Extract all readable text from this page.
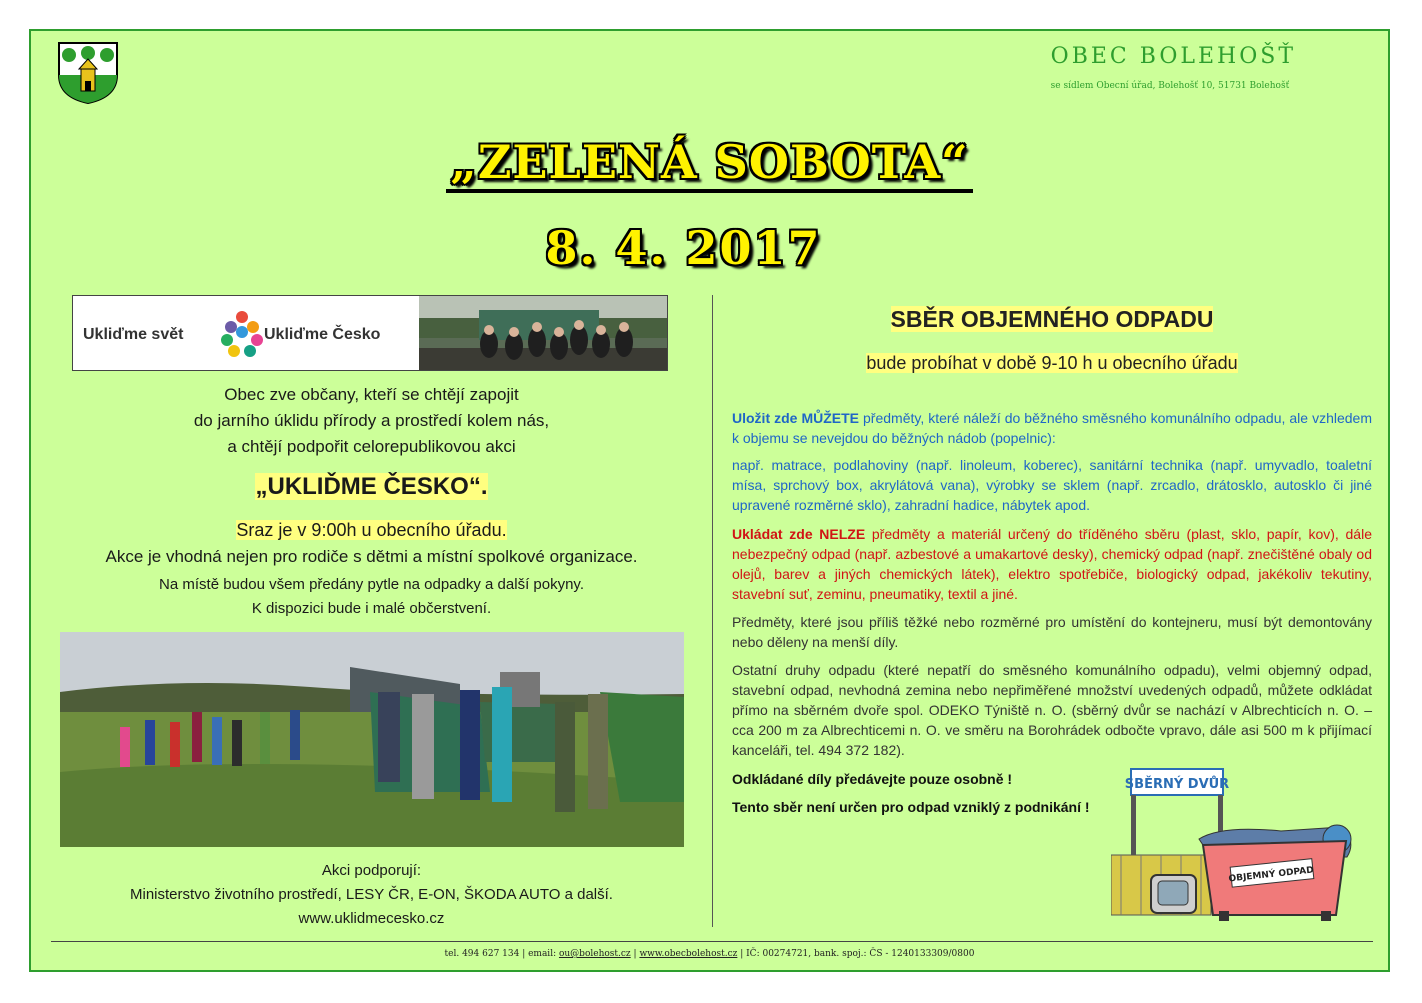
OBEC BOLEHOŠŤ
se sídlem Obecní úřad, Bolehošť 10, 51731 Bolehošť
„ZELENÁ SOBOTA“
8. 4. 2017
Ukliďme svět	Ukliďme Česko
Obec zve občany, kteří se chtějí zapojit
do jarního úklidu přírody a prostředí kolem nás,
a chtějí podpořit celorepublikovou akci
„UKLIĎME ČESKO“.
Sraz je v 9:00h u obecního úřadu.
Akce je vhodná nejen pro rodiče s dětmi a místní spolkové organizace.
Na místě budou všem předány pytle na odpadky a další pokyny.
K dispozici bude i malé občerstvení.
Akci podporují:
Ministerstvo životního prostředí, LESY ČR, E-ON, ŠKODA AUTO a další.
www.uklidmecesko.cz
SBĚR OBJEMNÉHO ODPADU
bude probíhat v době 9-10 h u obecního úřadu
Uložit zde MŮŽETE předměty, které náleží do běžného směsného komunálního odpadu, ale vzhledem k objemu se nevejdou do běžných nádob (popelnic):
např. matrace, podlahoviny (např. linoleum, koberec), sanitární technika (např. umyvadlo, toaletní mísa, sprchový box, akrylátová vana), výrobky se sklem (např. zrcadlo, drátosklo, autosklo či jiné upravené rozměrné sklo), zahradní hadice, nábytek apod.
Ukládat zde NELZE předměty a materiál určený do tříděného sběru (plast, sklo, papír, kov), dále nebezpečný odpad (např. azbestové a umakartové desky), chemický odpad (např. znečištěné obaly od olejů, barev a jiných chemických látek), elektro spotřebiče, biologický odpad, jakékoliv tekutiny, stavební suť, zeminu, pneumatiky, textil a jiné.
Předměty, které jsou příliš těžké nebo rozměrné pro umístění do kontejneru, musí být demontovány nebo děleny na menší díly.
Ostatní druhy odpadu (které nepatří do směsného komunálního odpadu), velmi objemný odpad, stavební odpad, nevhodná zemina nebo nepřiměřené množství uvedených odpadů, můžete odkládat přímo na sběrném dvoře spol. ODEKO Týniště n. O. (sběrný dvůr se nachází v Albrechticích n. O. – cca 200 m za Albrechticemi n. O. ve směru na Borohrádek odbočte vpravo, dále asi 500 m k přijímací kanceláři, tel. 494 372 182).
Odkládané díly předávejte pouze osobně !
Tento sběr není určen pro odpad vzniklý z podnikání !
SBĚRNÝ DVŮR
OBJEMNÝ ODPAD
tel. 494 627 134 | email: ou@bolehost.cz | www.obecbolehost.cz | IČ: 00274721, bank. spoj.: ČS - 1240133309/0800
